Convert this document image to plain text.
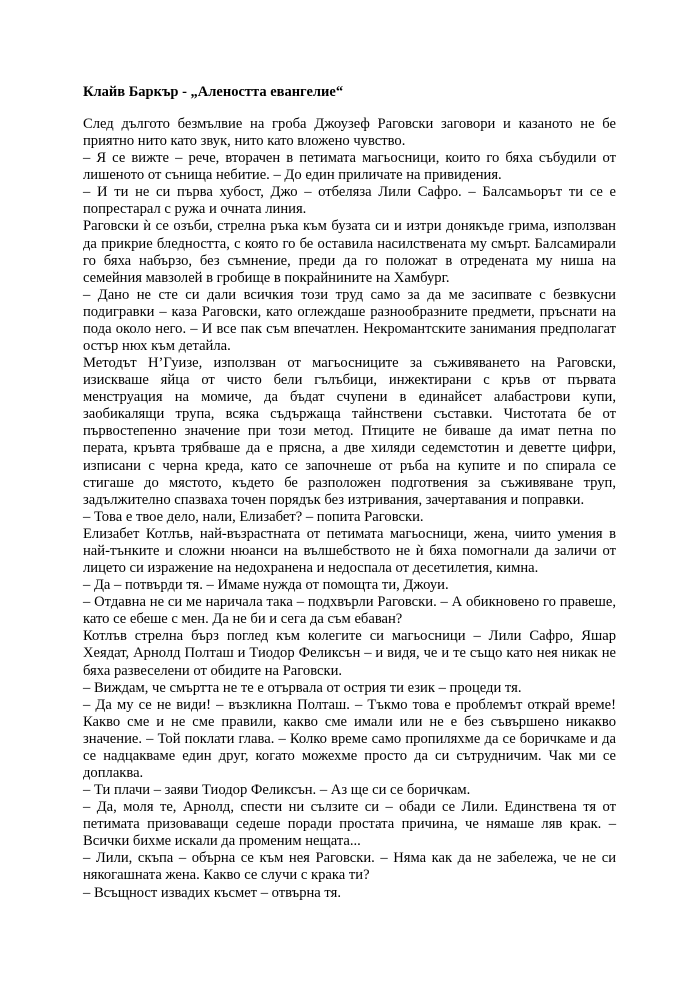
Клайв Баркър - „Алеността евангелие“

След дългото безмълвие на гроба Джоузеф Раговски заговори и казаното не бе приятно нито като звук, нито като вложено чувство.

– Я се вижте – рече, вторачен в петимата магьосници, които го бяха събудили от лишеното от сънища небитие. – До един приличате на привидения.

– И ти не си първа хубост, Джо – отбеляза Лили Сафро. – Балсамьорът ти се е попрестарал с ружа и очната линия.

Раговски ѝ се озъби, стрелна ръка към бузата си и изтри донякъде грима, използван да прикрие бледността, с която го бе оставила насилствената му смърт. Балсамирали го бяха набързо, без съмнение, преди да го положат в отредената му ниша на семейния мавзолей в гробище в покрайнините на Хамбург.

– Дано не сте си дали всичкия този труд само за да ме засипвате с безвкусни подигравки – каза Раговски, като оглеждаше разнообразните предмети, пръснати на пода около него. – И все пак съм впечатлен. Некромантските занимания предполагат остър нюх към детайла.

Методът Н’Гуизе, използван от магьосниците за съживяването на Раговски, изискваше яйца от чисто бели гълъбици, инжектирани с кръв от първата менструация на момиче, да бъдат счупени в единайсет алабастрови купи, заобикалящи трупа, всяка съдържаща тайнствени съставки. Чистотата бе от първостепенно значение при този метод. Птиците не биваше да имат петна по перата, кръвта трябваше да е прясна, а две хиляди седемстотин и деветте цифри, изписани с черна креда, като се започнеше от ръба на купите и по спирала се стигаше до мястото, където бе разположен подготвения за съживяване труп, задължително спазваха точен порядък без изтривания, зачертавания и поправки.

– Това е твое дело, нали, Елизабет? – попита Раговски.

Елизабет Котлъв, най-възрастната от петимата магьосници, жена, чиито умения в най-тънките и сложни нюанси на вълшебството не ѝ бяха помогнали да заличи от лицето си изражение на недохранена и недоспала от десетилетия, кимна.

– Да – потвърди тя. – Имаме нужда от помощта ти, Джоуи.

– Отдавна не си ме наричала така – подхвърли Раговски. – А обикновено го правеше, като се ебеше с мен. Да не би и сега да съм ебаван?

Котлъв стрелна бърз поглед към колегите си магьосници – Лили Сафро, Яшар Хеядат, Арнолд Полташ и Тиодор Феликсън – и видя, че и те също като нея никак не бяха развеселени от обидите на Раговски.

– Виждам, че смъртта не те е отървала от острия ти език – процеди тя.

– Да му се не види! – възкликна Полташ. – Тъкмо това е проблемът открай време! Какво сме и не сме правили, какво сме имали или не е без съвършено никакво значение. – Той поклати глава. – Колко време само пропиляхме да се боричкаме и да се надцакваме един друг, когато можехме просто да си сътрудничим. Чак ми се доплаква.

– Ти плачи – заяви Тиодор Феликсън. – Аз ще си се боричкам.

– Да, моля те, Арнолд, спести ни сълзите си – обади се Лили. Единствена тя от петимата призоваващи седеше поради простата причина, че нямаше ляв крак. – Всички бихме искали да променим нещата...

– Лили, скъпа – обърна се към нея Раговски. – Няма как да не забележа, че не си някогашната жена. Какво се случи с крака ти?

– Всъщност извадих късмет – отвърна тя.
